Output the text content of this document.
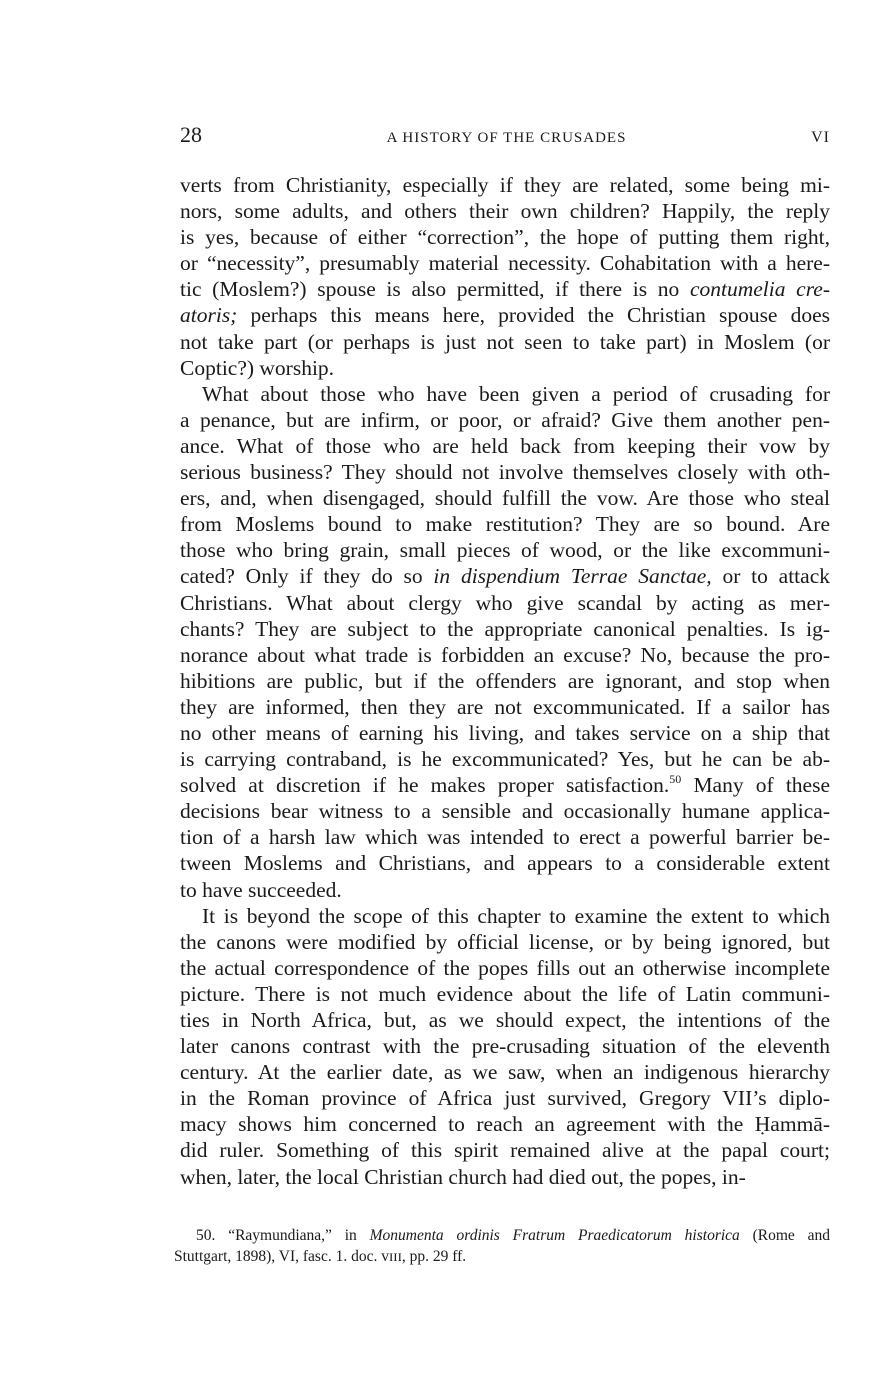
28	A HISTORY OF THE CRUSADES	VI
verts from Christianity, especially if they are related, some being mi-
nors, some adults, and others their own children? Happily, the reply
is yes, because of either “correction”, the hope of putting them right,
or “necessity”, presumably material necessity. Cohabitation with a here-
tic (Moslem?) spouse is also permitted, if there is no contumelia cre-
atoris; perhaps this means here, provided the Christian spouse does
not take part (or perhaps is just not seen to take part) in Moslem (or
Coptic?) worship.
What about those who have been given a period of crusading for
a penance, but are infirm, or poor, or afraid? Give them another pen-
ance. What of those who are held back from keeping their vow by
serious business? They should not involve themselves closely with oth-
ers, and, when disengaged, should fulfill the vow. Are those who steal
from Moslems bound to make restitution? They are so bound. Are
those who bring grain, small pieces of wood, or the like excommuni-
cated? Only if they do so in dispendium Terrae Sanctae, or to attack
Christians. What about clergy who give scandal by acting as mer-
chants? They are subject to the appropriate canonical penalties. Is ig-
norance about what trade is forbidden an excuse? No, because the pro-
hibitions are public, but if the offenders are ignorant, and stop when
they are informed, then they are not excommunicated. If a sailor has
no other means of earning his living, and takes service on a ship that
is carrying contraband, is he excommunicated? Yes, but he can be ab-
solved at discretion if he makes proper satisfaction.$^{50}$ Many of these
decisions bear witness to a sensible and occasionally humane applica-
tion of a harsh law which was intended to erect a powerful barrier be-
tween Moslems and Christians, and appears to a considerable extent
to have succeeded.
It is beyond the scope of this chapter to examine the extent to which
the canons were modified by official license, or by being ignored, but
the actual correspondence of the popes fills out an otherwise incomplete
picture. There is not much evidence about the life of Latin communi-
ties in North Africa, but, as we should expect, the intentions of the
later canons contrast with the pre-crusading situation of the eleventh
century. At the earlier date, as we saw, when an indigenous hierarchy
in the Roman province of Africa just survived, Gregory VII’s diplo-
macy shows him concerned to reach an agreement with the Ḥammā-
did ruler. Something of this spirit remained alive at the papal court;
when, later, the local Christian church had died out, the popes, in-
50. “Raymundiana,” in Monumenta ordinis Fratrum Praedicatorum historica (Rome and
Stuttgart, 1898), VI, fasc. 1. doc. ᴠɪɪɪ, pp. 29 ff.
